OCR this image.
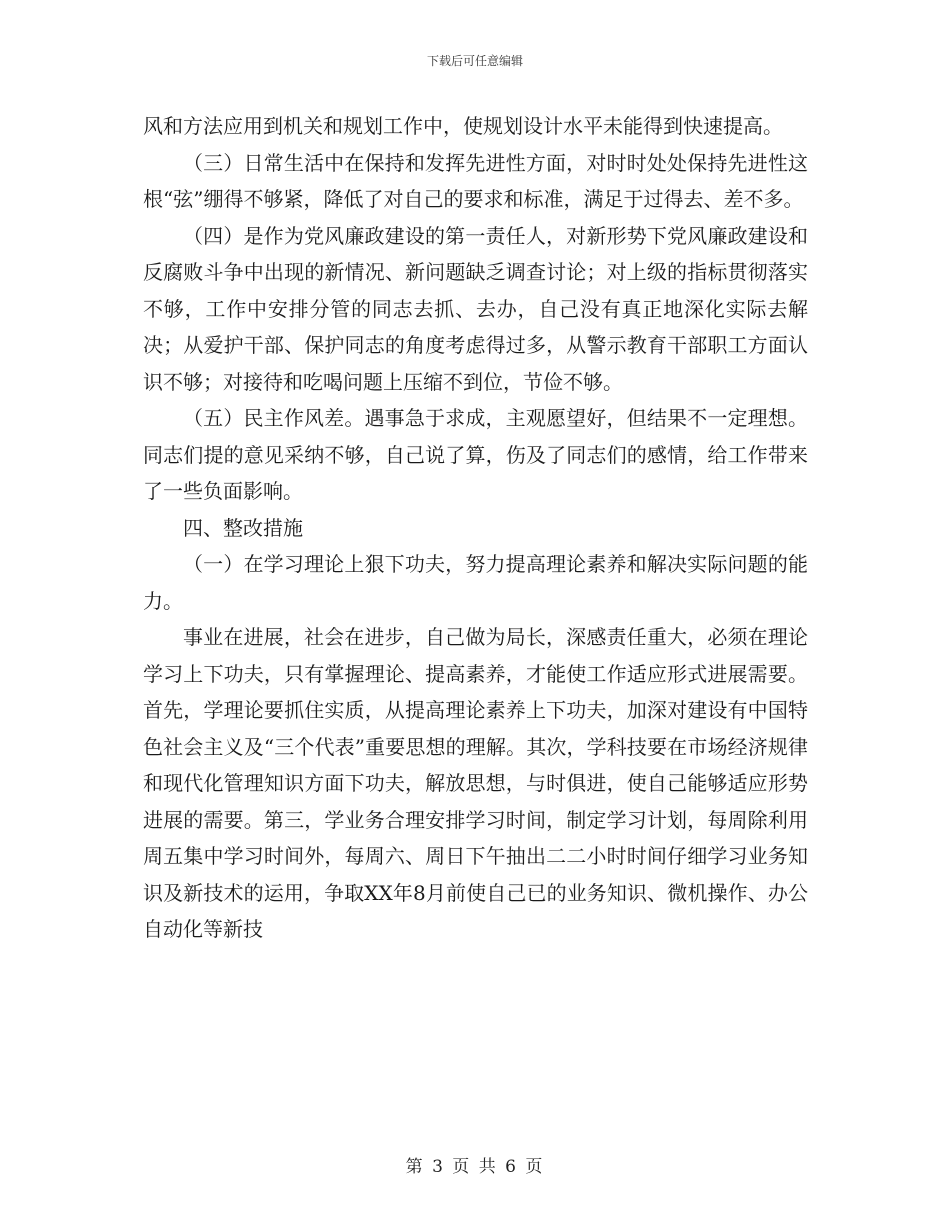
下载后可任意编辑

风和方法应用到机关和规划工作中，使规划设计水平未能得到快速提高。

（三）日常生活中在保持和发挥先进性方面，对时时处处保持先进性这根“弦”绷得不够紧，降低了对自己的要求和标准，满足于过得去、差不多。

（四）是作为党风廉政建设的第一责任人，对新形势下党风廉政建设和反腐败斗争中出现的新情况、新问题缺乏调查讨论；对上级的指标贯彻落实不够，工作中安排分管的同志去抓、去办，自己没有真正地深化实际去解决；从爱护干部、保护同志的角度考虑得过多，从警示教育干部职工方面认识不够；对接待和吃喝问题上压缩不到位，节俭不够。

（五）民主作风差。遇事急于求成，主观愿望好，但结果不一定理想。同志们提的意见采纳不够，自己说了算，伤及了同志们的感情，给工作带来了一些负面影响。

四、整改措施

（一）在学习理论上狠下功夫，努力提高理论素养和解决实际问题的能力。

事业在进展，社会在进步，自己做为局长，深感责任重大，必须在理论学习上下功夫，只有掌握理论、提高素养，才能使工作适应形式进展需要。首先，学理论要抓住实质，从提高理论素养上下功夫，加深对建设有中国特色社会主义及“三个代表”重要思想的理解。其次，学科技要在市场经济规律和现代化管理知识方面下功夫，解放思想，与时俱进，使自己能够适应形势进展的需要。第三，学业务合理安排学习时间，制定学习计划，每周除利用周五集中学习时间外，每周六、周日下午抽出二二小时时间仔细学习业务知识及新技术的运用，争取XX年8月前使自己已的业务知识、微机操作、办公自动化等新技

第 3 页 共 6 页
